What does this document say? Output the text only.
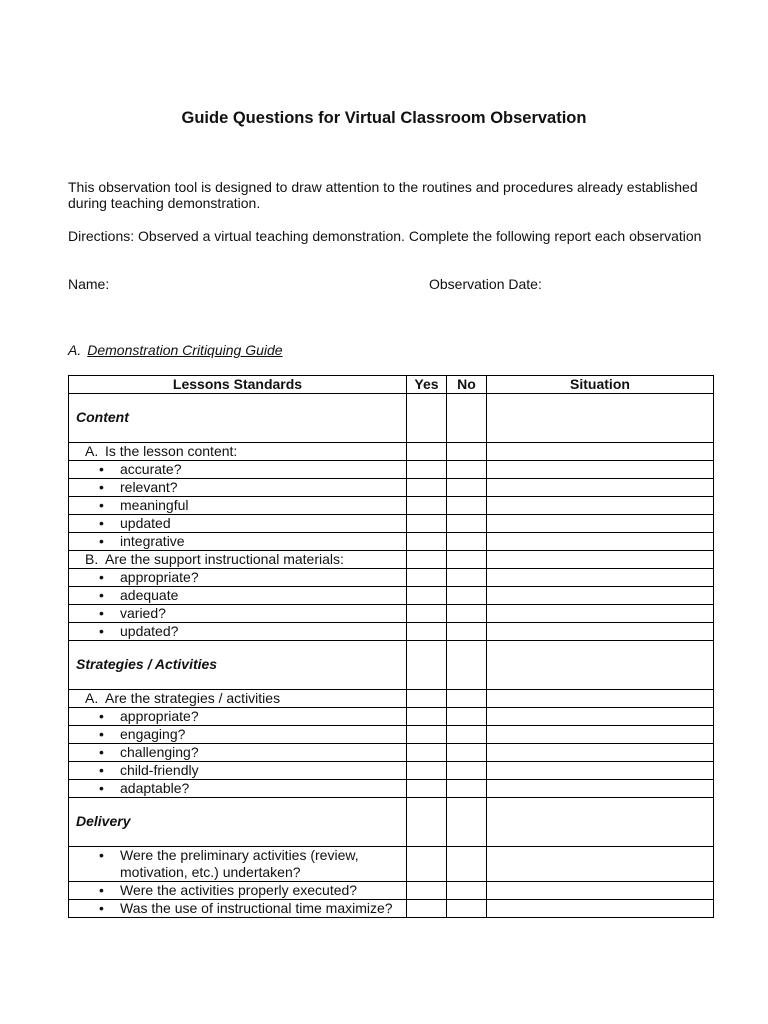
Guide Questions for Virtual Classroom Observation
This observation tool is designed to draw attention to the routines and procedures already established during teaching demonstration.
Directions: Observed a virtual teaching demonstration. Complete the following report each observation
Name:	Observation Date:
A. Demonstration Critiquing Guide
Lessons Standards	Yes	No	Situation
Content			
A. Is the lesson content:			

• accurate?			

• relevant?			

• meaningful			

• updated			

• integrative			

B. Are the support instructional materials:			

• appropriate?			

• adequate			

• varied?			

• updated?			

Strategies / Activities			
A. Are the strategies / activities			

• appropriate?			

• engaging?			

• challenging?			

• child-friendly			

• adaptable?			

Delivery			

• Were the preliminary activities (review, motivation, etc.) undertaken?			

• Were the activities properly executed?			

• Was the use of instructional time maximize?			
